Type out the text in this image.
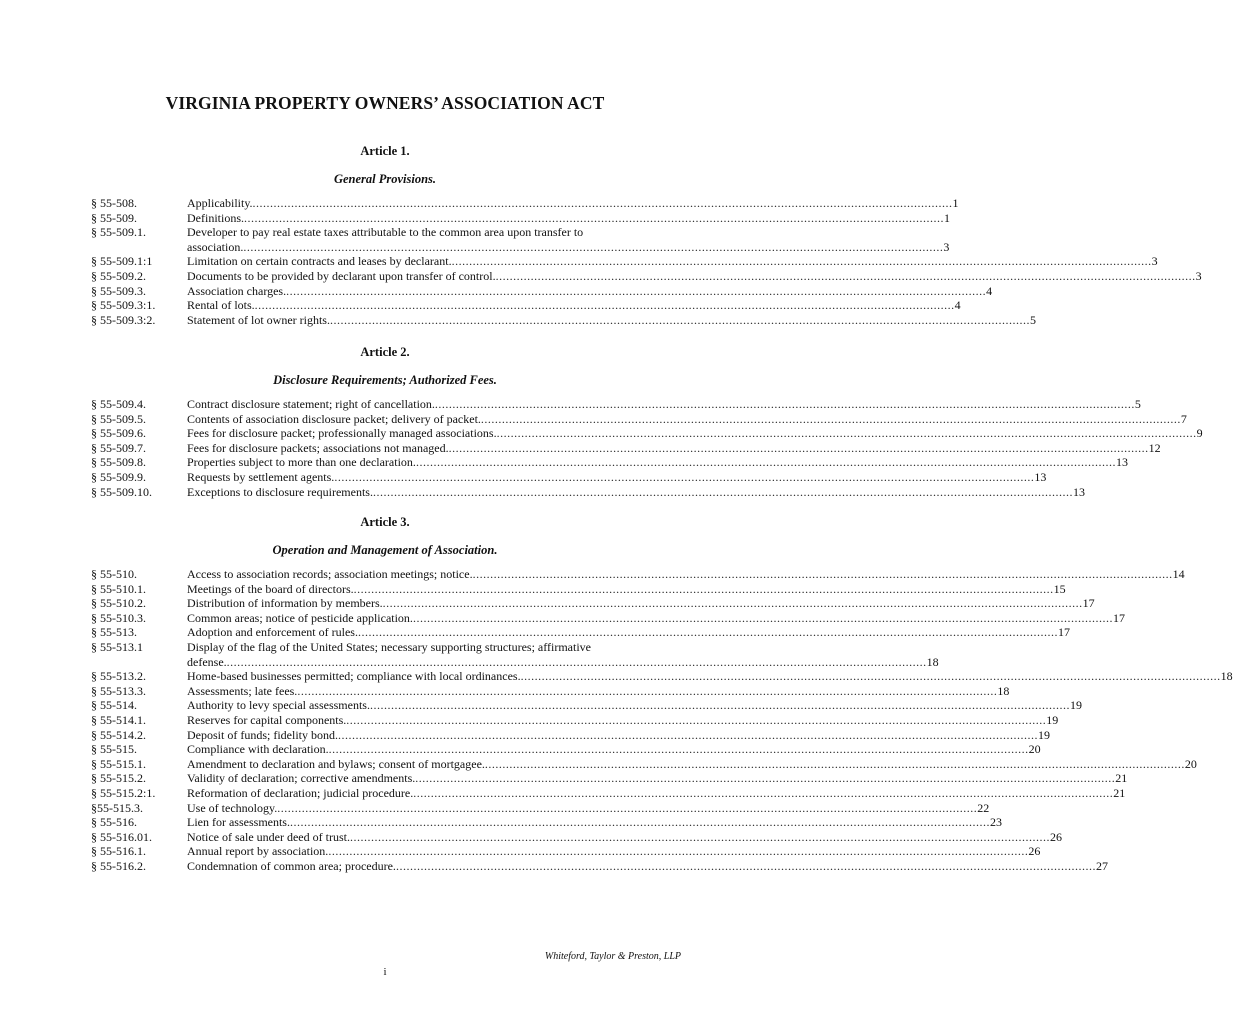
VIRGINIA PROPERTY OWNERS’ ASSOCIATION ACT
Article 1.
General Provisions.
§ 55-508.	Applicability. ........................................................................................................................................................................................................ 1
§ 55-509.	Definitions. ........................................................................................................................................................................................................ 1
§ 55-509.1.	Developer to pay real estate taxes attributable to the common area upon transfer to
association. ........................................................................................................................................................................................................ 3
§ 55-509.1:1	Limitation on certain contracts and leases by declarant. ........................................................................................................................................................................................................ 3
§ 55-509.2.	Documents to be provided by declarant upon transfer of control. ........................................................................................................................................................................................................ 3
§ 55-509.3.	Association charges. ........................................................................................................................................................................................................ 4
§ 55-509.3:1.	Rental of lots. ........................................................................................................................................................................................................ 4
§ 55-509.3:2.	Statement of lot owner rights. ........................................................................................................................................................................................................ 5
Article 2.
Disclosure Requirements; Authorized Fees.
§ 55-509.4.	Contract disclosure statement; right of cancellation. ........................................................................................................................................................................................................ 5
§ 55-509.5.	Contents of association disclosure packet; delivery of packet. ........................................................................................................................................................................................................ 7
§ 55-509.6.	Fees for disclosure packet; professionally managed associations. ........................................................................................................................................................................................................ 9
§ 55-509.7.	Fees for disclosure packets; associations not managed. ........................................................................................................................................................................................................ 12
§ 55-509.8.	Properties subject to more than one declaration. ........................................................................................................................................................................................................ 13
§ 55-509.9.	Requests by settlement agents. ........................................................................................................................................................................................................ 13
§ 55-509.10.	Exceptions to disclosure requirements. ........................................................................................................................................................................................................ 13
Article 3.
Operation and Management of Association.
§ 55-510.	Access to association records; association meetings; notice. ........................................................................................................................................................................................................ 14
§ 55-510.1.	Meetings of the board of directors. ........................................................................................................................................................................................................ 15
§ 55-510.2.	Distribution of information by members. ........................................................................................................................................................................................................ 17
§ 55-510.3.	Common areas; notice of pesticide application. ........................................................................................................................................................................................................ 17
§ 55-513.	Adoption and enforcement of rules. ........................................................................................................................................................................................................ 17
§ 55-513.1	Display of the flag of the United States; necessary supporting structures; affirmative
defense. ........................................................................................................................................................................................................ 18
§ 55-513.2.	Home-based businesses permitted; compliance with local ordinances. ........................................................................................................................................................................................................ 18
§ 55-513.3.	Assessments; late fees. ........................................................................................................................................................................................................ 18
§ 55-514.	Authority to levy special assessments. ........................................................................................................................................................................................................ 19
§ 55-514.1.	Reserves for capital components. ........................................................................................................................................................................................................ 19
§ 55-514.2.	Deposit of funds; fidelity bond. ........................................................................................................................................................................................................ 19
§ 55-515.	Compliance with declaration. ........................................................................................................................................................................................................ 20
§ 55-515.1.	Amendment to declaration and bylaws; consent of mortgagee. ........................................................................................................................................................................................................ 20
§ 55-515.2.	Validity of declaration; corrective amendments. ........................................................................................................................................................................................................ 21
§ 55-515.2:1.	Reformation of declaration; judicial procedure. ........................................................................................................................................................................................................ 21
§55-515.3.	Use of technology. ........................................................................................................................................................................................................ 22
§ 55-516.	Lien for assessments. ........................................................................................................................................................................................................ 23
§ 55-516.01.	Notice of sale under deed of trust. ........................................................................................................................................................................................................ 26
§ 55-516.1.	Annual report by association. ........................................................................................................................................................................................................ 26
§ 55-516.2.	Condemnation of common area; procedure. ........................................................................................................................................................................................................ 27
Whiteford, Taylor & Preston, LLP
i
